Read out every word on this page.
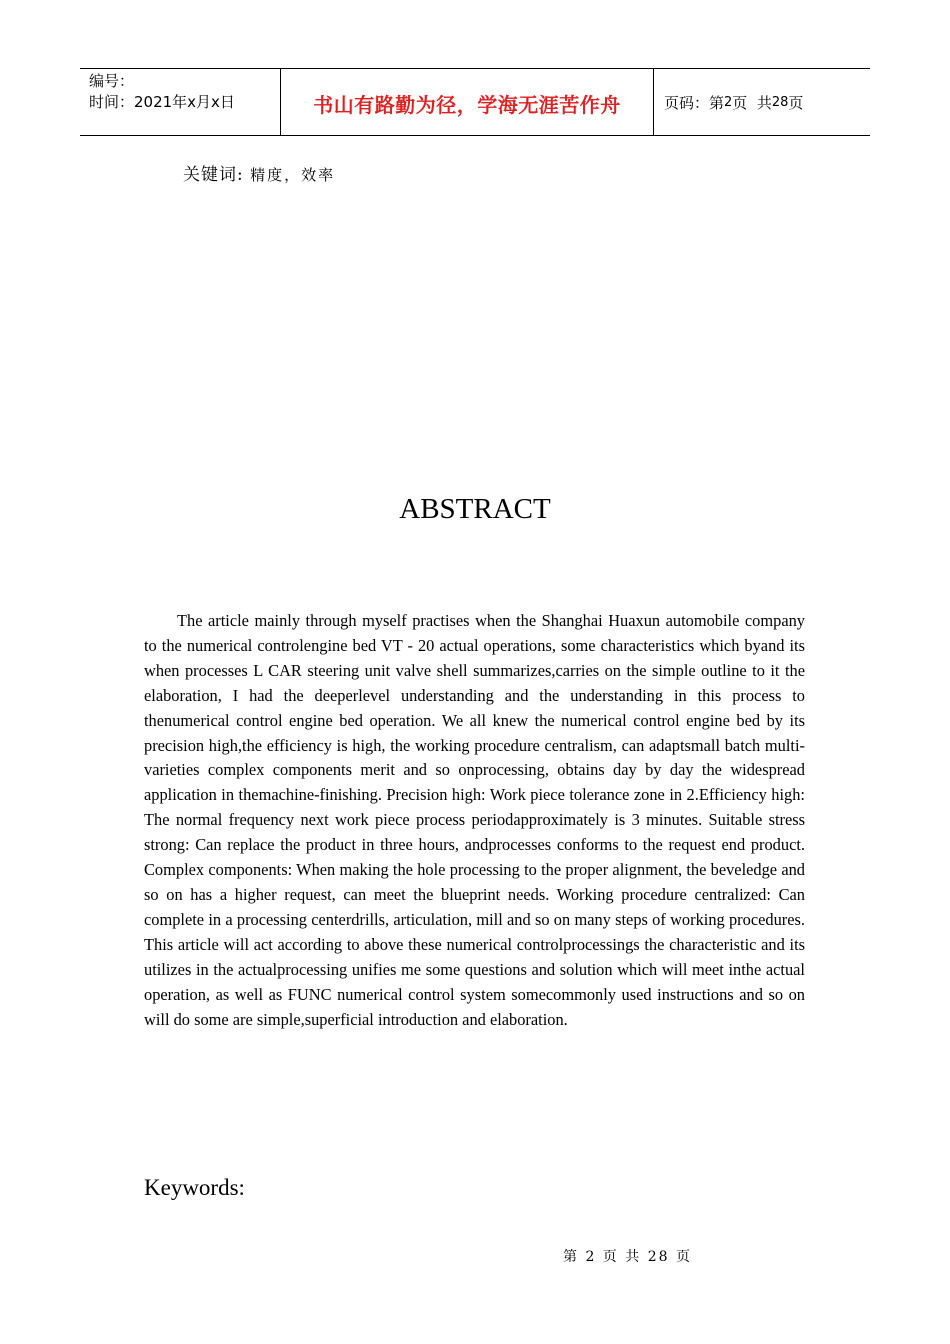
编号：
时间：2021年x月x日	书山有路勤为径，学海无涯苦作舟	页码：第 2 页  共 28 页
关键词: 精度，效率
ABSTRACT

The article mainly through myself practises when the Shanghai Huaxun automobile company to the numerical controlengine bed VT - 20 actual operations, some characteristics which byand its when processes L CAR steering unit valve shell summarizes,carries on the simple outline to it the elaboration, I had the deeperlevel understanding and the understanding in this process to thenumerical control engine bed operation. We all knew the numerical control engine bed by its precision high,the efficiency is high, the working procedure centralism, can adaptsmall batch multi- varieties complex components merit and so onprocessing, obtains day by day the widespread application in themachine-finishing. Precision high: Work piece tolerance zone in 2.Efficiency high: The normal frequency next work piece process periodapproximately is 3 minutes. Suitable stress strong: Can replace the product in three hours, andprocesses conforms to the request end product. Complex components: When making the hole processing to the proper alignment, the beveledge and so on has a higher request, can meet the blueprint needs. Working procedure centralized: Can complete in a processing centerdrills, articulation, mill and so on many steps of working procedures. This article will act according to above these numerical controlprocessings the characteristic and its utilizes in the actualprocessing unifies me some questions and solution which will meet inthe actual operation, as well as FUNC numerical control system somecommonly used instructions and so on will do some are simple,superficial introduction and elaboration.

Keywords:
第 2 页 共 28 页
